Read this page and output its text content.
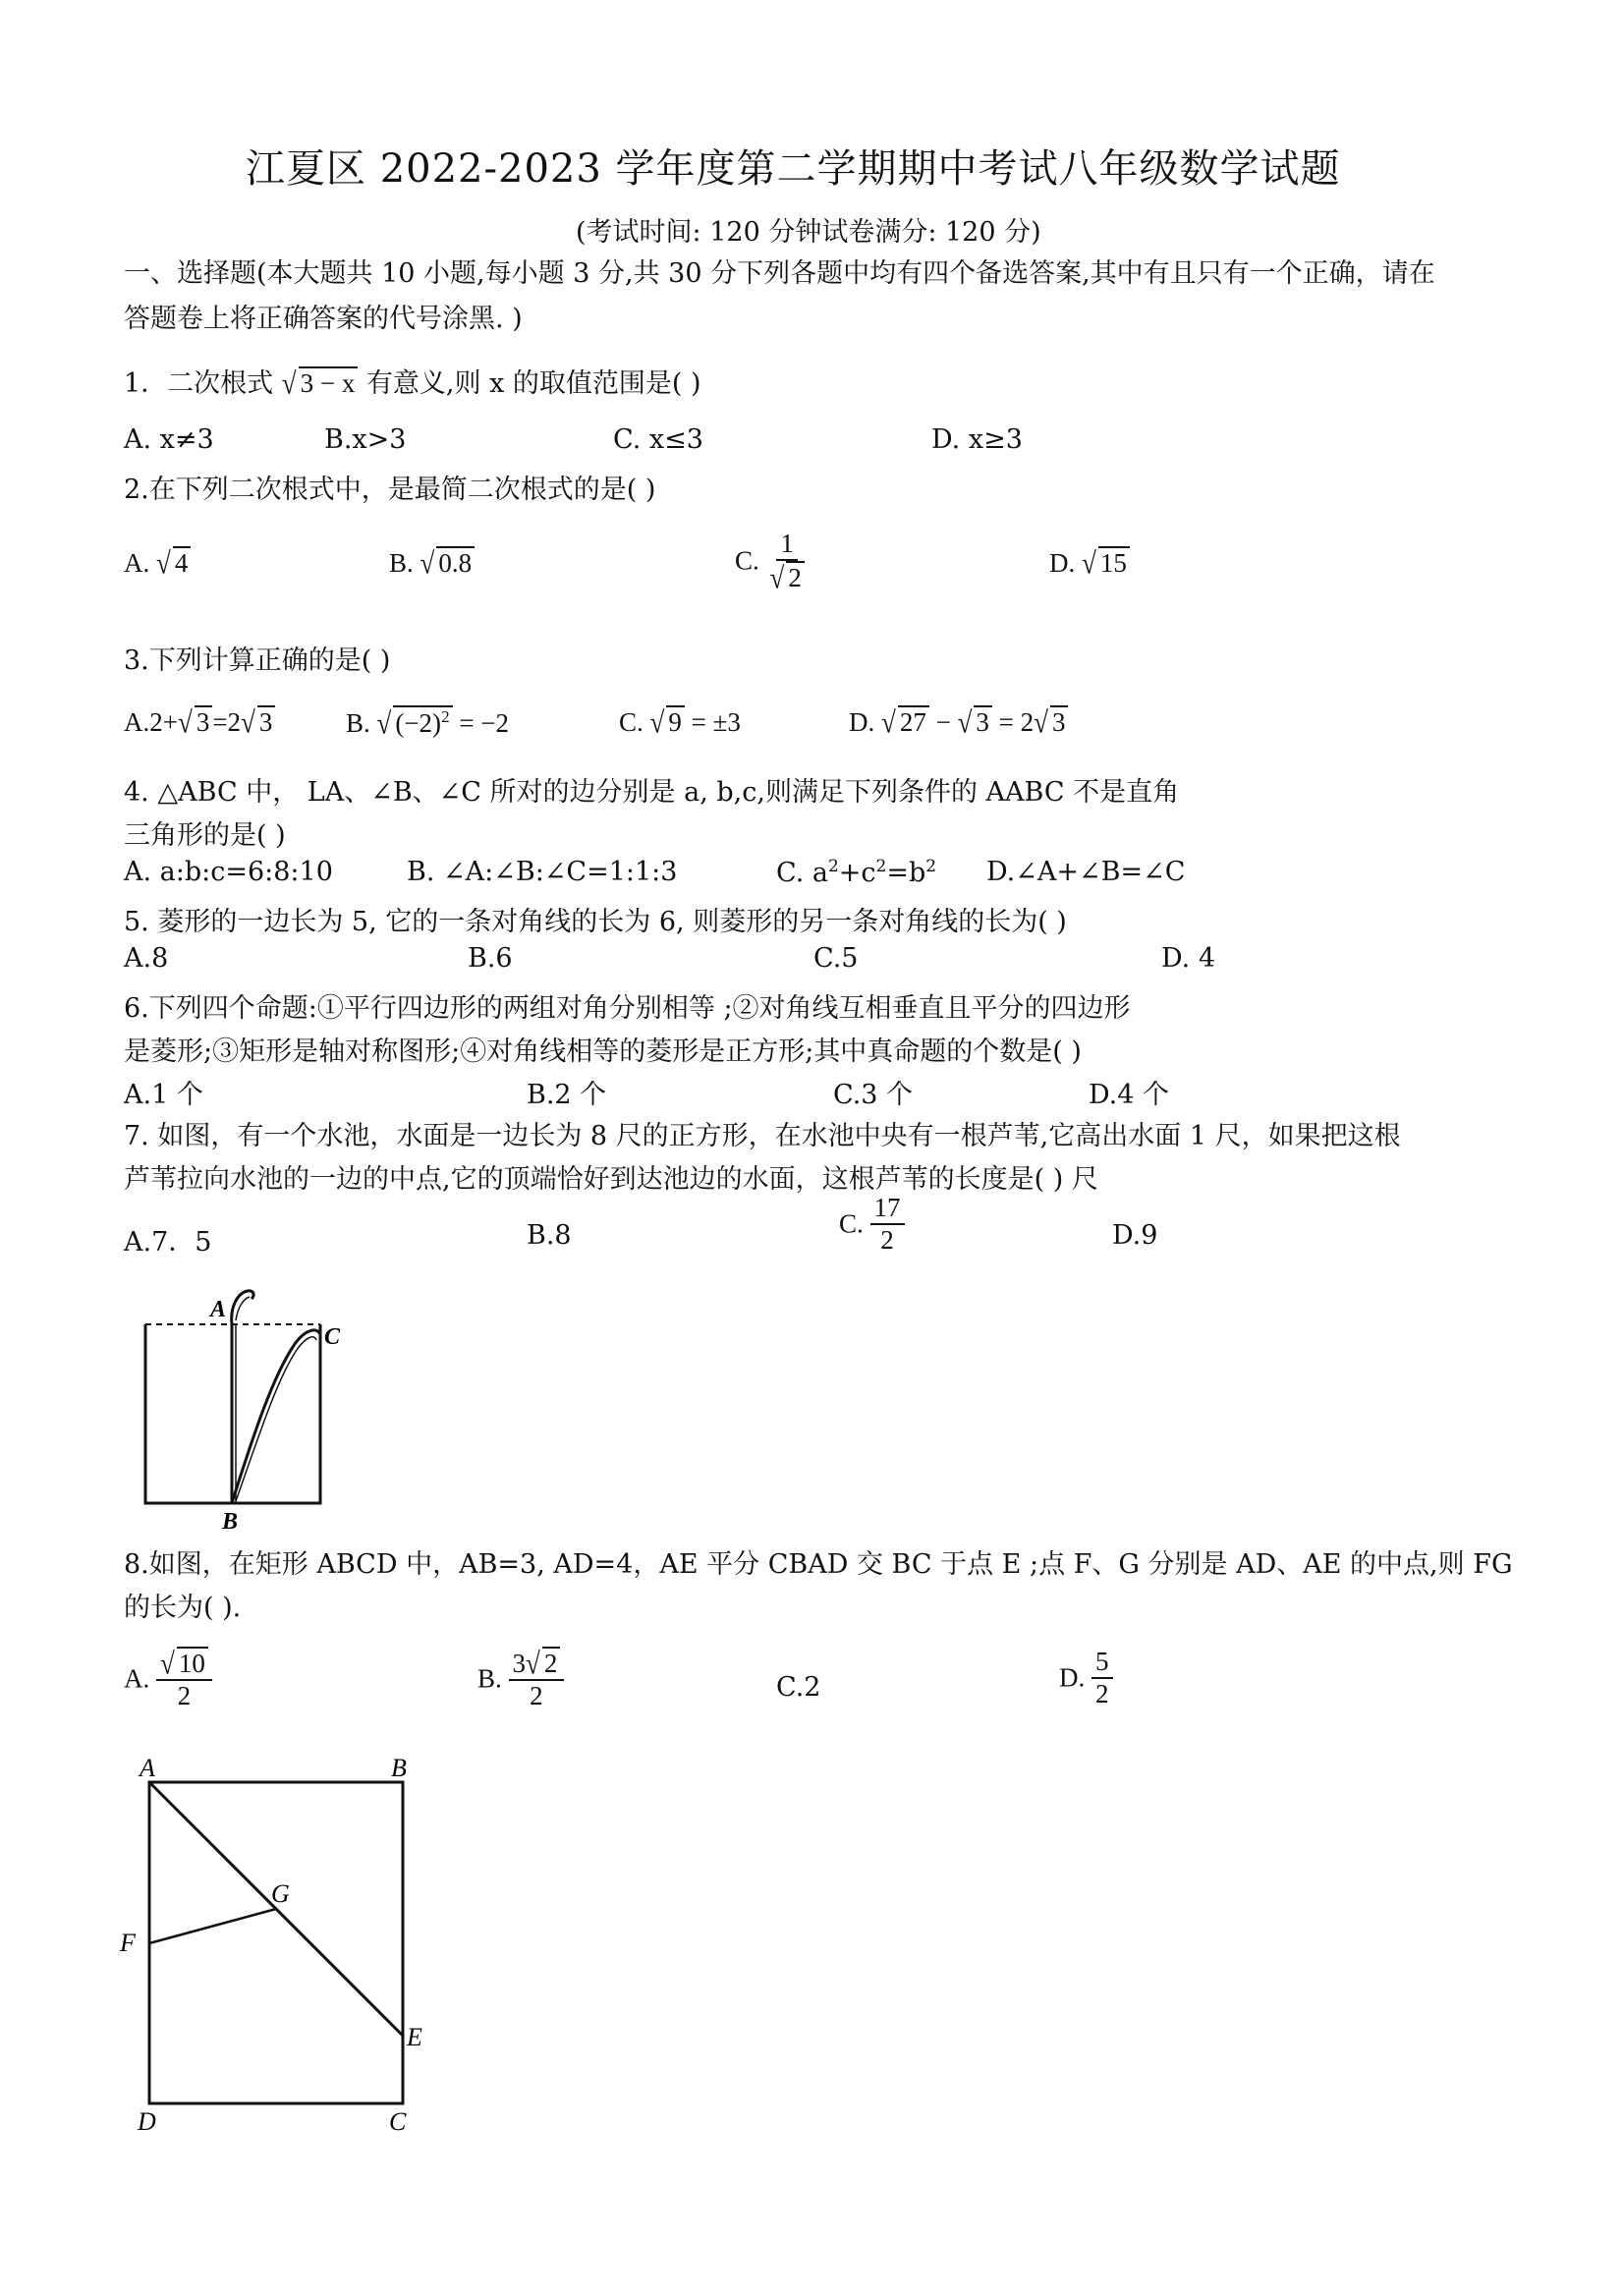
江夏区 2022-2023 学年度第二学期期中考试八年级数学试题
(考试时间: 120 分钟试卷满分: 120 分)
一、选择题(本大题共 10 小题,每小题 3 分,共 30 分下列各题中均有四个备选答案,其中有且只有一个正确，请在
答题卷上将正确答案的代号涂黑. )
1．二次根式 √ 3 − x 有意义,则 x 的取值范围是( )
A. x≠3	B.x>3	C. x≤3	D. x≥3
2.在下列二次根式中，是最简二次根式的是( )
A. √ 4	B. √ 0.8	C. $\frac{1}{√ 2}$	D. √ 15
3.下列计算正确的是( )
A.2+√ 3 =2√ 3	B. √ $(-2)^2 = -2$	C. √ 9 = ±3	D. √ 27 − √ 3 = 2√ 3
4. △ABC 中， LA、∠B、∠C 所对的边分别是 a, b,c,则满足下列条件的 AABC 不是直角
三角形的是( )
A. a:b:c=6:8:10	B. ∠A:∠B:∠C=1:1:3	C. $a^2+c^2=b^2$ D.∠A+∠B=∠C
5. 菱形的一边长为 5, 它的一条对角线的长为 6, 则菱形的另一条对角线的长为( )
A.8	B.6	C.5	D. 4
6.下列四个命题:①平行四边形的两组对角分别相等 ;②对角线互相垂直且平分的四边形
是菱形;③矩形是轴对称图形;④对角线相等的菱形是正方形;其中真命题的个数是( )
A.1 个	B.2 个	C.3 个	D.4 个
7. 如图，有一个水池，水面是一边长为 8 尺的正方形，在水池中央有一根芦苇,它高出水面 1 尺，如果把这根
芦苇拉向水池的一边的中点,它的顶端恰好到达池边的水面，这根芦苇的长度是( ) 尺
A.7．5	B.8	C. $\frac{17}{2}$	D.9
A
C
B
8.如图，在矩形 ABCD 中，AB=3, AD=4，AE 平分 CBAD 交 BC 于点 E ;点 F、G 分别是 AD、AE 的中点,则 FG
的长为( ).
A. $\frac{√ 10}{2}$	B. $\frac{3√ 2}{2}$	C.2	D. $\frac{5}{2}$
A	B
G
F
E
D	C
